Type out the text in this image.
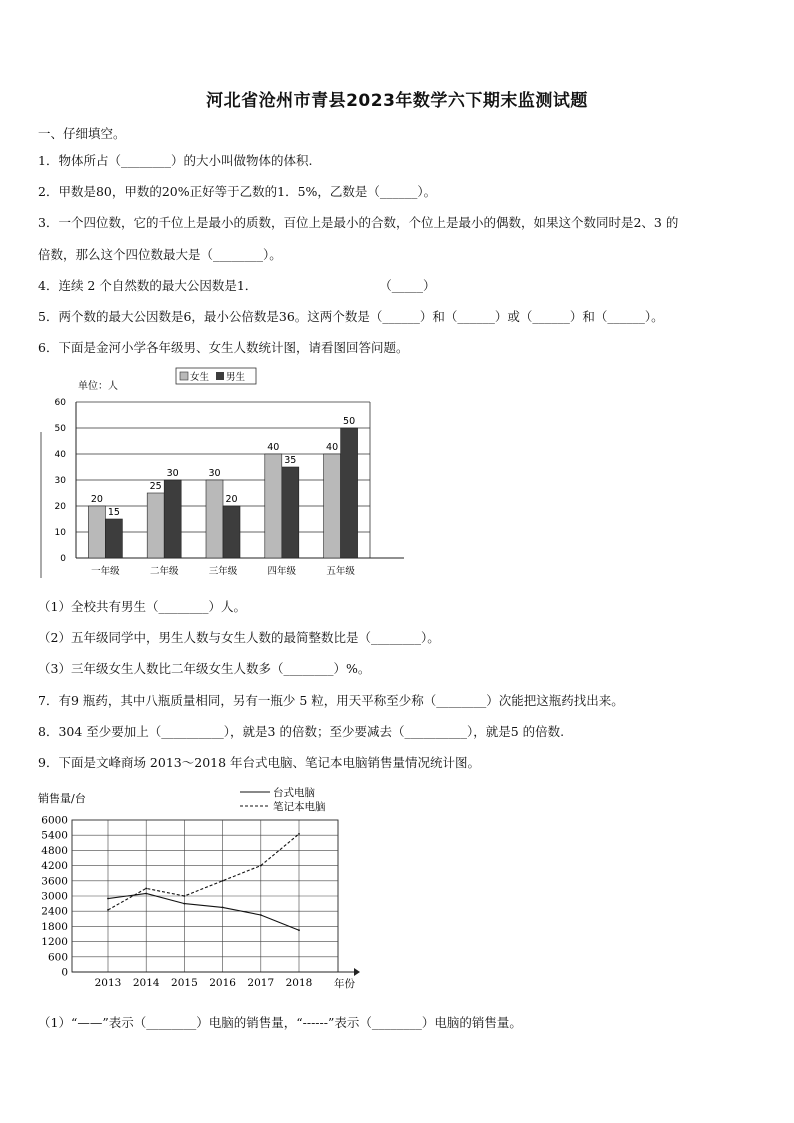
河北省沧州市青县2023年数学六下期末监测试题
一、仔细填空。
1．物体所占（________）的大小叫做物体的体积.
2．甲数是80，甲数的20%正好等于乙数的1．5%，乙数是（______）。
3．一个四位数，它的千位上是最小的质数，百位上是最小的合数，个位上是最小的偶数，如果这个数同时是2、3 的
倍数，那么这个四位数最大是（________）。
4．连续 2 个自然数的最大公因数是1．	（_____）
5．两个数的最大公因数是6，最小公倍数是36。这两个数是（______）和（______）或（______）和（______）。
6．下面是金河小学各年级男、女生人数统计图，请看图回答问题。
0
10
20
30
40
50
60
单位：人
女生 男生
20
15
一年级
25
30
二年级
30
20
三年级
40
35
四年级
40
50
五年级
（1）全校共有男生（________）人。
（2）五年级同学中，男生人数与女生人数的最简整数比是（________）。
（3）三年级女生人数比二年级女生人数多（________）%。
7．有9 瓶药，其中八瓶质量相同，另有一瓶少 5 粒，用天平称至少称（________）次能把这瓶药找出来。
8．304 至少要加上（__________），就是3 的倍数；至少要减去（__________），就是5 的倍数.
9．下面是文峰商场 2013～2018 年台式电脑、笔记本电脑销售量情况统计图。
0
600
1200
1800
2400
3000
3600
4200
4800
5400
6000
2013 2014 2015 2016 2017 2018 年份
销售量/台	台式电脑
笔记本电脑
（1）“——”表示（________）电脑的销售量，“------”表示（________）电脑的销售量。
